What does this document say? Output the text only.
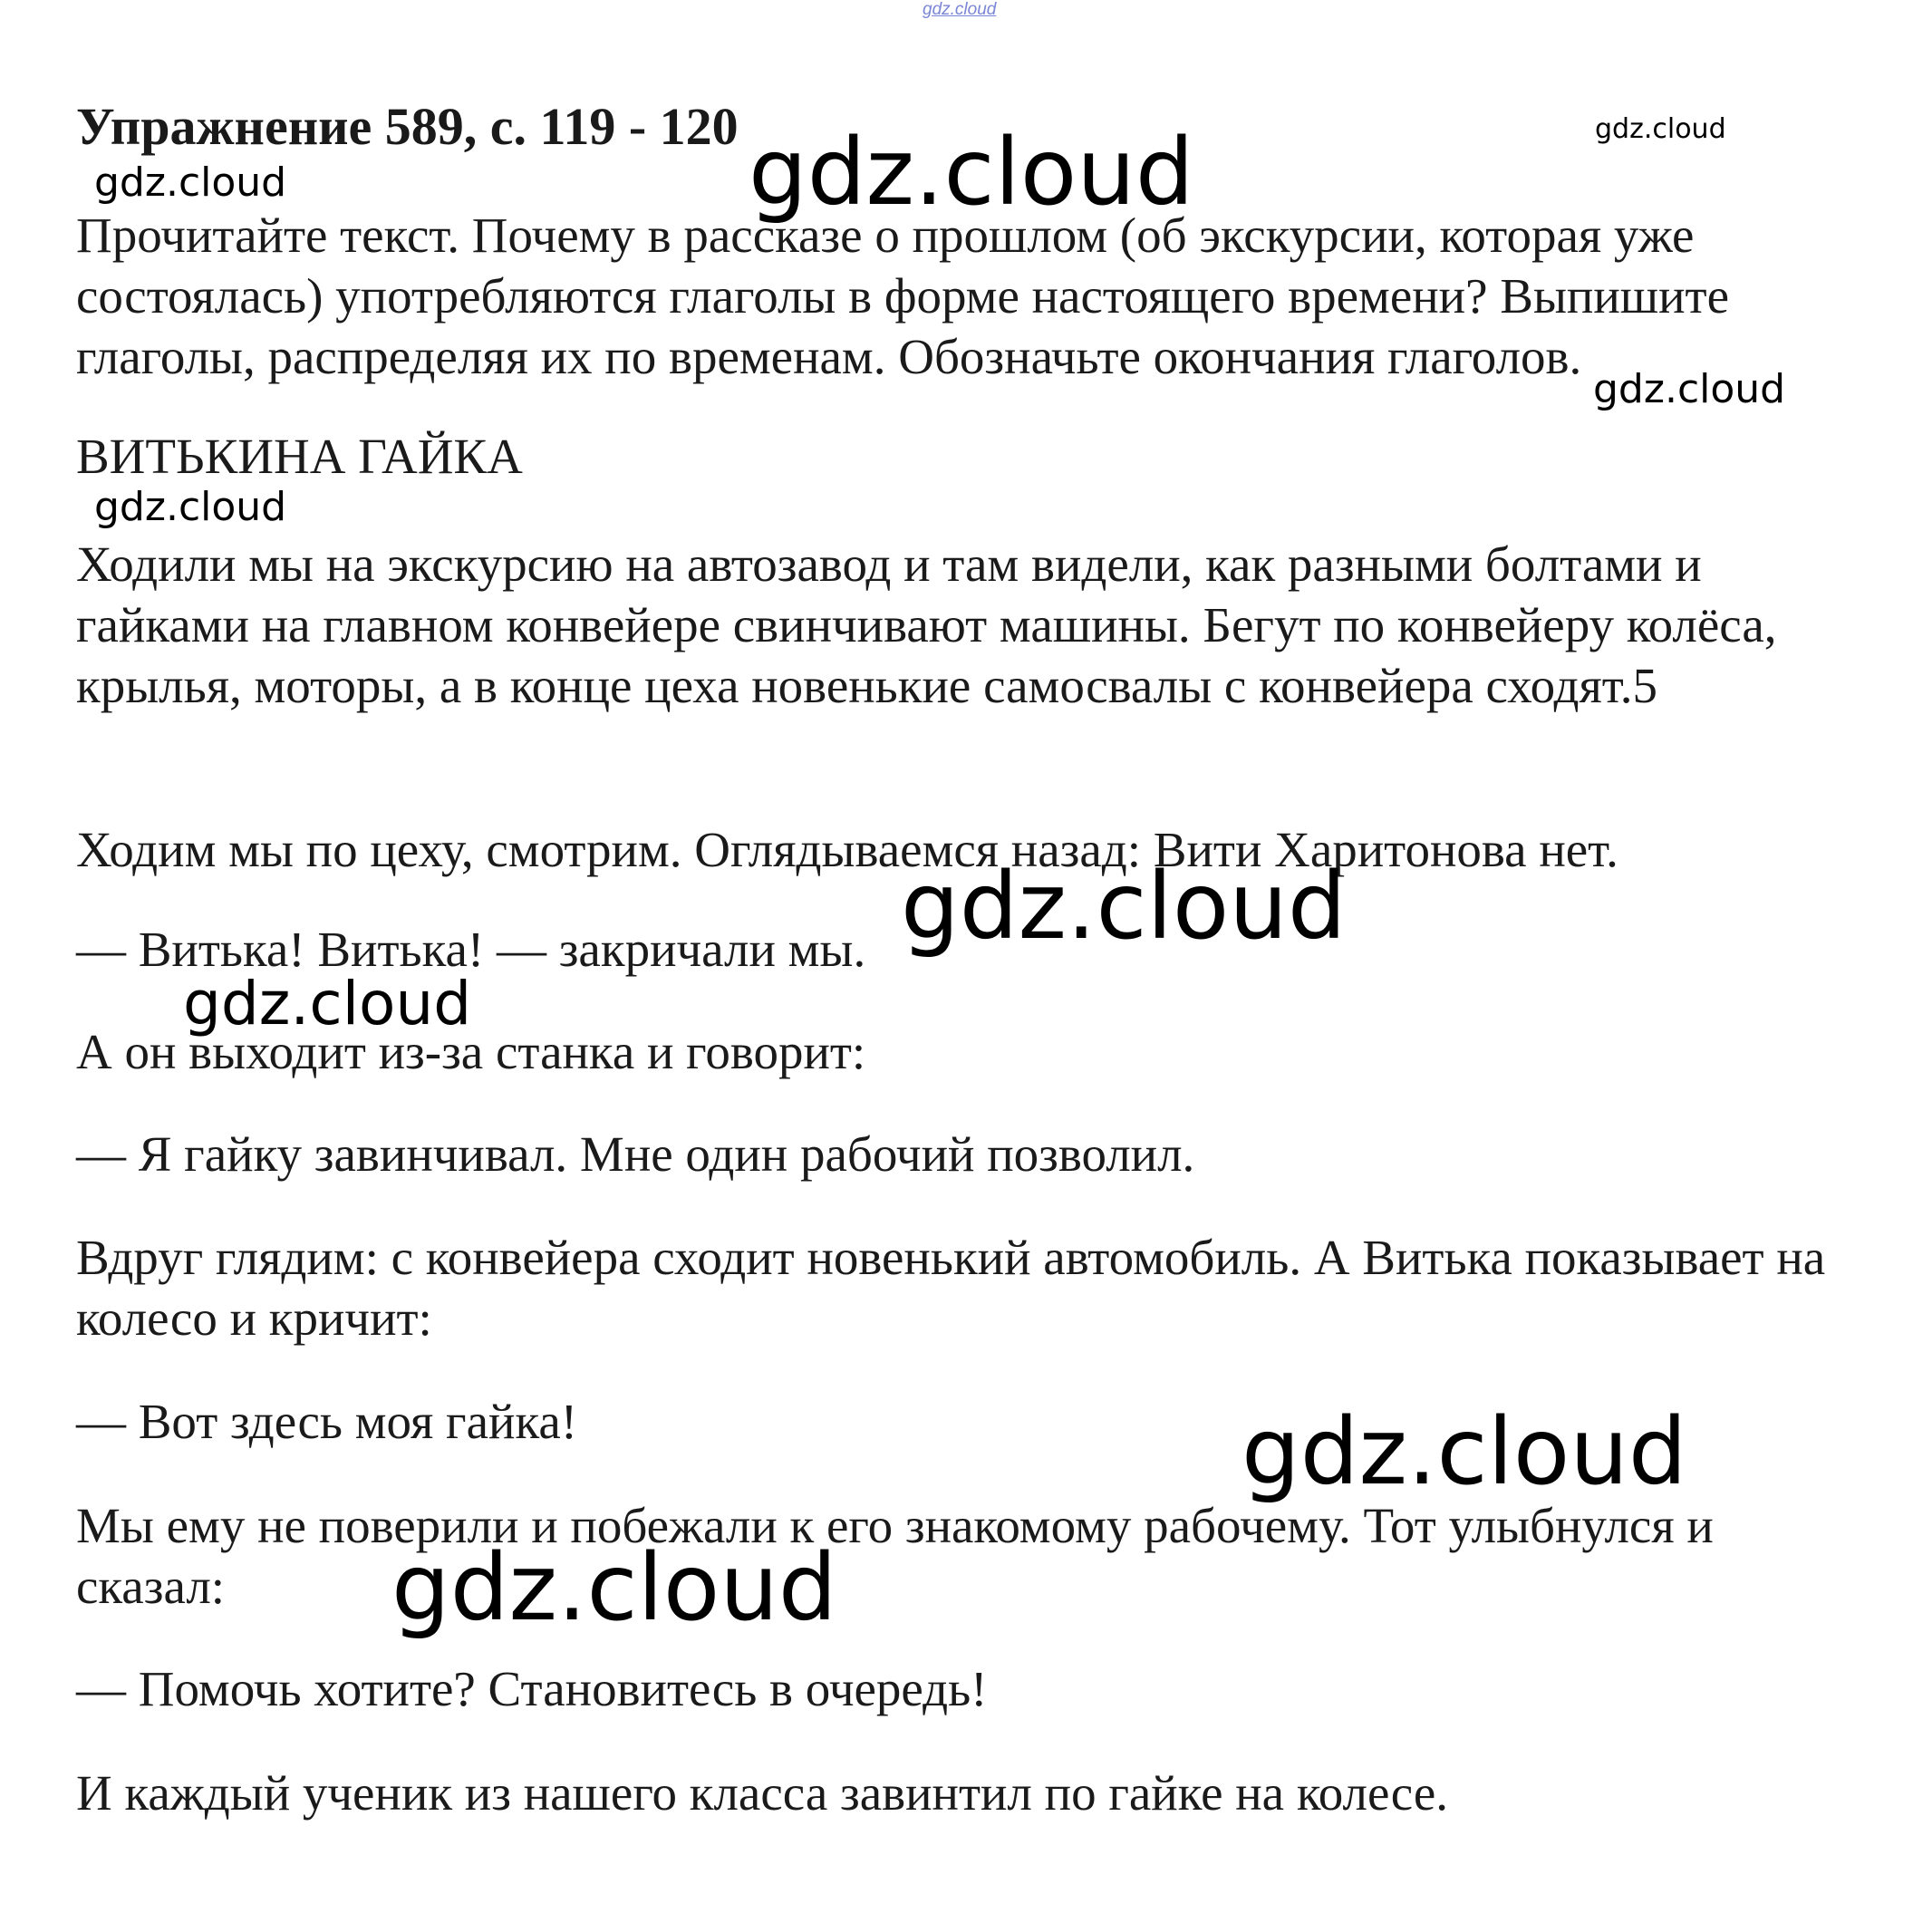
gdz.cloud
Упражнение 589, с. 119 - 120

Прочитайте текст. Почему в рассказе о прошлом (об экскурсии, которая уже состоялась) употребляются глаголы в форме настоящего времени? Выпишите глаголы, распределяя их по временам. Обозначьте окончания глаголов.

ВИТЬКИНА ГАЙКА

Ходили мы на экскурсию на автозавод и там видели, как разными болтами и гайками на главном конвейере свинчивают машины. Бегут по конвейеру колёса, крылья, моторы, а в конце цеха новенькие самосвалы с конвейера сходят.5

Ходим мы по цеху, смотрим. Оглядываемся назад: Вити Харитонова нет.

— Витька! Витька! — закричали мы.

А он выходит из-за станка и говорит:

— Я гайку завинчивал. Мне один рабочий позволил.

Вдруг глядим: с конвейера сходит новенький автомобиль. А Витька показывает на колесо и кричит:

— Вот здесь моя гайка!

Мы ему не поверили и побежали к его знакомому рабочему. Тот улыбнулся и сказал:

— Помочь хотите? Становитесь в очередь!

И каждый ученик из нашего класса завинтил по гайке на колесе.

gdz.cloud
gdz.cloud	gdz.cloud
gdz.cloud
gdz.cloud
gdz.cloud
gdz.cloud
gdz.cloud
gdz.cloud
